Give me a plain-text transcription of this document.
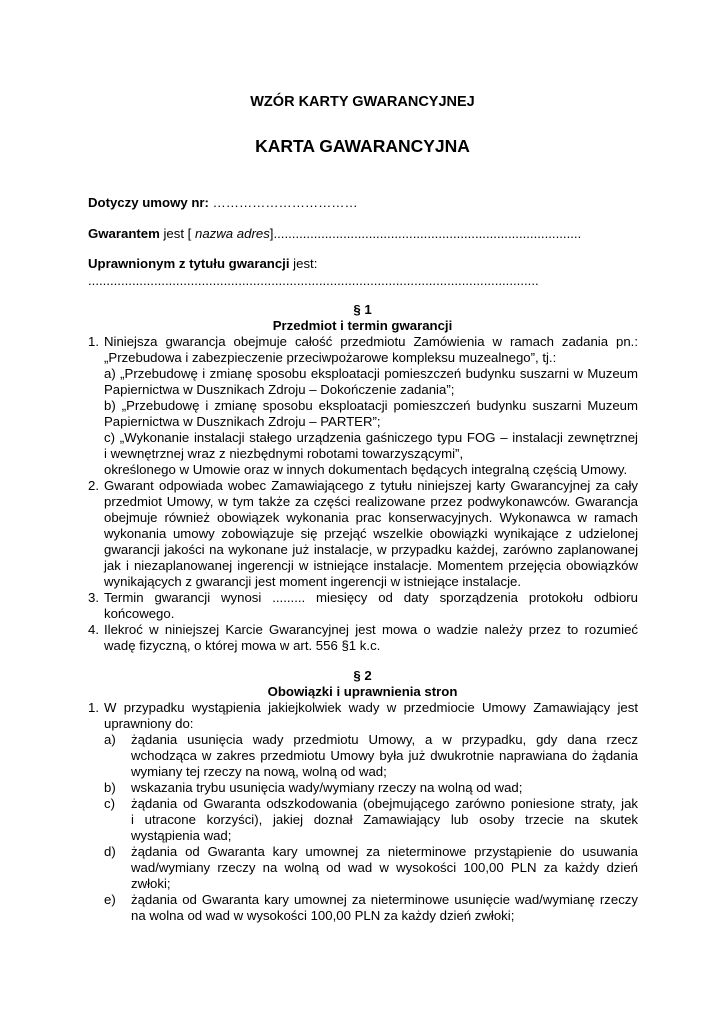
WZÓR KARTY GWARANCYJNEJ
KARTA GAWARANCYJNA
Dotyczy umowy nr: ……………………………
Gwarantem jest [ nazwa adres]....................................................................................
Uprawnionym z tytułu gwarancji jest:
...........................................................................................................................
§ 1
Przedmiot i termin gwarancji
1. Niniejsza gwarancja obejmuje całość przedmiotu Zamówienia w ramach zadania pn.:
„Przebudowa i zabezpieczenie przeciwpożarowe kompleksu muzealnego”, tj.:
a) „Przebudowę i zmianę sposobu eksploatacji pomieszczeń budynku suszarni w Muzeum
Papiernictwa w Dusznikach Zdroju – Dokończenie zadania”;
b) „Przebudowę i zmianę sposobu eksploatacji pomieszczeń budynku suszarni Muzeum
Papiernictwa w Dusznikach Zdroju – PARTER”;
c) „Wykonanie instalacji stałego urządzenia gaśniczego typu FOG – instalacji zewnętrznej
i wewnętrznej wraz z niezbędnymi robotami towarzyszącymi”,
określonego w Umowie oraz w innych dokumentach będących integralną częścią Umowy.
2. Gwarant odpowiada wobec Zamawiającego z tytułu niniejszej karty Gwarancyjnej za cały
przedmiot Umowy, w tym także za części realizowane przez podwykonawców. Gwarancja
obejmuje również obowiązek wykonania prac konserwacyjnych. Wykonawca w ramach
wykonania umowy zobowiązuje się przejąć wszelkie obowiązki wynikające z udzielonej
gwarancji jakości na wykonane już instalacje, w przypadku każdej, zarówno zaplanowanej
jak i niezaplanowanej ingerencji w istniejące instalacje. Momentem przejęcia obowiązków
wynikających z gwarancji jest moment ingerencji w istniejące instalacje.
3. Termin gwarancji wynosi ......... miesięcy od daty sporządzenia protokołu odbioru
końcowego.
4. Ilekroć w niniejszej Karcie Gwarancyjnej jest mowa o wadzie należy przez to rozumieć
wadę fizyczną, o której mowa w art. 556 §1 k.c.
§ 2
Obowiązki i uprawnienia stron
1. W przypadku wystąpienia jakiejkolwiek wady w przedmiocie Umowy Zamawiający jest
uprawniony do:
a) żądania usunięcia wady przedmiotu Umowy, a w przypadku, gdy dana rzecz
wchodząca w zakres przedmiotu Umowy była już dwukrotnie naprawiana do żądania
wymiany tej rzeczy na nową, wolną od wad;
b) wskazania trybu usunięcia wady/wymiany rzeczy na wolną od wad;
c) żądania od Gwaranta odszkodowania (obejmującego zarówno poniesione straty, jak
i utracone korzyści), jakiej doznał Zamawiający lub osoby trzecie na skutek
wystąpienia wad;
d) żądania od Gwaranta kary umownej za nieterminowe przystąpienie do usuwania
wad/wymiany rzeczy na wolną od wad w wysokości 100,00 PLN za każdy dzień
zwłoki;
e) żądania od Gwaranta kary umownej za nieterminowe usunięcie wad/wymianę rzeczy
na wolna od wad w wysokości 100,00 PLN za każdy dzień zwłoki;
